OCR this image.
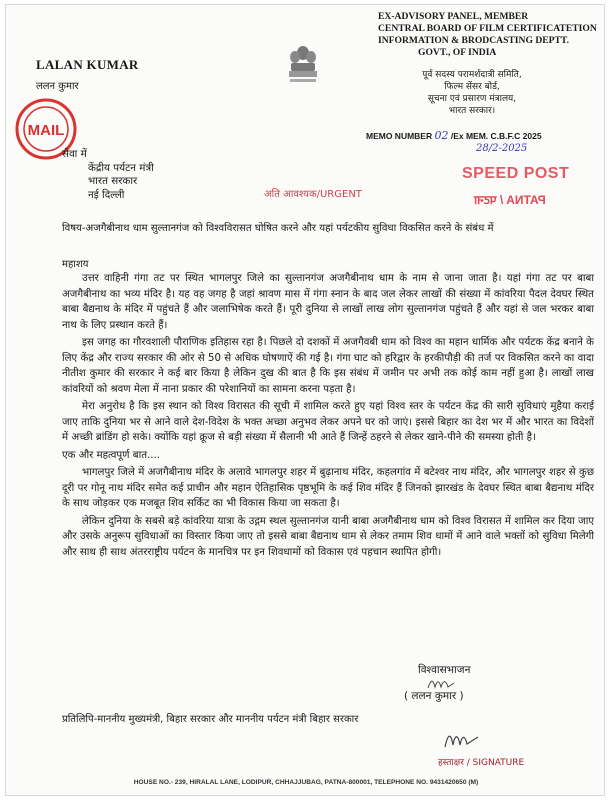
LALAN KUMAR
ललन कुमार
MAIL
EX-ADVISORY PANEL, MEMBER
CENTRAL BOARD OF FILM CERTIFICATETION
INFORMATION & BRODCASTING DEPTT.
GOVT., OF INDIA
पूर्व सदस्य परामर्शदात्री समिति,
फिल्म सेंसर बोर्ड,
सूचना एवं प्रसारण मंत्रालय,
भारत सरकार।
MEMO NUMBER 02 /Ex MEM. C.B.F.C 2025
28/2-2025
SPEED POST
PATNA / पटना
सेवा में
केंद्रीय पर्यटन मंत्री
भारत सरकार
नई दिल्ली	अति आवश्यक/URGENT
विषय-अजगैबीनाथ धाम सुल्तानगंज को विश्वविरासत घोषित करने और यहां पर्यटकीय सुविधा विकसित करने के संबंध में
महाशय

उत्तर वाहिनी गंगा तट पर स्थित भागलपुर जिले का सुल्तानगंज अजगैबीनाथ धाम के नाम से जाना जाता है। यहां गंगा तट पर बाबा अजगैबीनाथ का भव्य मंदिर है। यह वह जगह है जहां श्रावण मास में गंगा स्नान के बाद जल लेकर लाखों की संख्या में कांवरिया पैदल देवघर स्थित बाबा बैद्यनाथ के मंदिर में पहुंचते हैं और जलाभिषेक करते हैं। पूरी दुनिया से लाखों लाख लोग सुल्तानगंज पहुंचते हैं और यहां से जल भरकर बाबा नाथ के लिए प्रस्थान करते हैं।

इस जगह का गौरवशाली पौराणिक इतिहास रहा है। पिछले दो दशकों में अजगैवबी धाम को विश्व का महान धार्मिक और पर्यटक केंद्र बनाने के लिए केंद्र और राज्य सरकार की ओर से 50 से अधिक घोषणाऐं की गई है। गंगा घाट को हरिद्वार के हरकीपौड़ी की तर्ज पर विकसित करने का वादा नीतीश कुमार की सरकार ने कई बार किया है लेकिन दुख की बात है कि इस संबंध में जमीन पर अभी तक कोई काम नहीं हुआ है। लाखों लाख कांवरियों को श्रवण मेला में नाना प्रकार की परेशानियों का सामना करना पड़ता है।

मेरा अनुरोध है कि इस स्थान को विश्व विरासत की सूची में शामिल करते हुए यहां विश्व स्तर के पर्यटन केंद्र की सारी सुविधाएं मुहैया कराई जाए ताकि दुनिया भर से आने वाले देश-विदेश के भक्त अच्छा अनुभव लेकर अपने घर को जाएं। इससे बिहार का देश भर में और भारत का विदेशों में अच्छी ब्रांडिंग हो सके। क्योंकि यहां क्रूज से बड़ी संख्या में सैलानी भी आते हैं जिन्हें ठहरने से लेकर खाने-पीने की समस्या होती है।

एक और महत्वपूर्ण बात....

भागलपुर जिले में अजगैबीनाथ मंदिर के अलावे भागलपुर शहर में बुढ़ानाथ मंदिर, कहलगांव में बटेश्वर नाथ मंदिर, और भागलपुर शहर से कुछ दूरी पर गोनू नाथ मंदिर समेत कई प्राचीन और महान ऐतिहासिक पृष्ठभूमि के कई शिव मंदिर हैं जिनको झारखंड के देवघर स्थित बाबा बैद्यनाथ मंदिर के साथ जोड़कर एक मजबूत शिव सर्किट का भी विकास किया जा सकता है।

लेकिन दुनिया के सबसे बड़े कांवरिया यात्रा के उद्गम स्थल सुल्तानगंज यानी बाबा अजगैबीनाथ धाम को विश्व विरासत में शामिल कर दिया जाए और उसके अनुरूप सुविधाओं का विस्तार किया जाए तो इससे बाबा बैद्यनाथ धाम से लेकर तमाम शिव धामों में आने वाले भक्तों को सुविधा मिलेगी और साथ ही साथ अंतरराष्ट्रीय पर्यटन के मानचित्र पर इन शिवधामों को विकास एवं पहचान स्थापित होगी।

विश्वासभाजन
( ललन कुमार )
प्रतिलिपि-माननीय मुख्यमंत्री, बिहार सरकार और माननीय पर्यटन मंत्री बिहार सरकार
हस्ताक्षर / SIGNATURE
HOUSE NO.- 239, HIRALAL LANE, LODIPUR, CHHAJJUBAG, PATNA-800001, TELEPHONE NO. 9431420650 (M)
